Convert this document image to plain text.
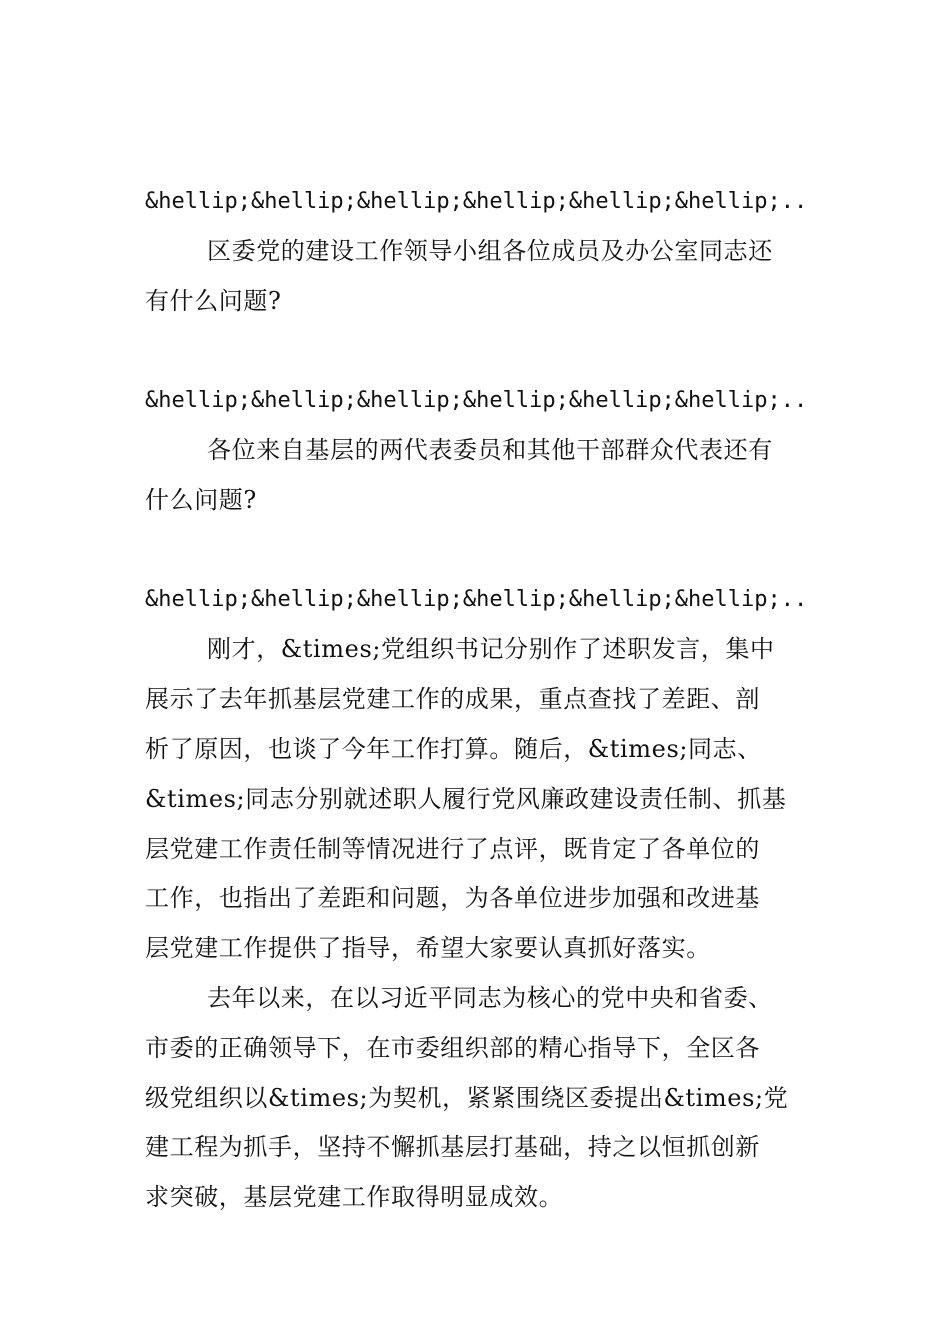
&hellip;&hellip;&hellip;&hellip;&hellip;&hellip;..
区委党的建设工作领导小组各位成员及办公室同志还
有什么问题?
&hellip;&hellip;&hellip;&hellip;&hellip;&hellip;..
各位来自基层的两代表委员和其他干部群众代表还有
什么问题?
&hellip;&hellip;&hellip;&hellip;&hellip;&hellip;..
刚才，&times;党组织书记分别作了述职发言，集中
展示了去年抓基层党建工作的成果，重点查找了差距、剖
析了原因，也谈了今年工作打算。随后，&times;同志、
&times;同志分别就述职人履行党风廉政建设责任制、抓基
层党建工作责任制等情况进行了点评，既肯定了各单位的
工作，也指出了差距和问题，为各单位进步加强和改进基
层党建工作提供了指导，希望大家要认真抓好落实。
去年以来，在以习近平同志为核心的党中央和省委、
市委的正确领导下，在市委组织部的精心指导下，全区各
级党组织以&times;为契机，紧紧围绕区委提出&times;党
建工程为抓手，坚持不懈抓基层打基础，持之以恒抓创新
求突破，基层党建工作取得明显成效。
